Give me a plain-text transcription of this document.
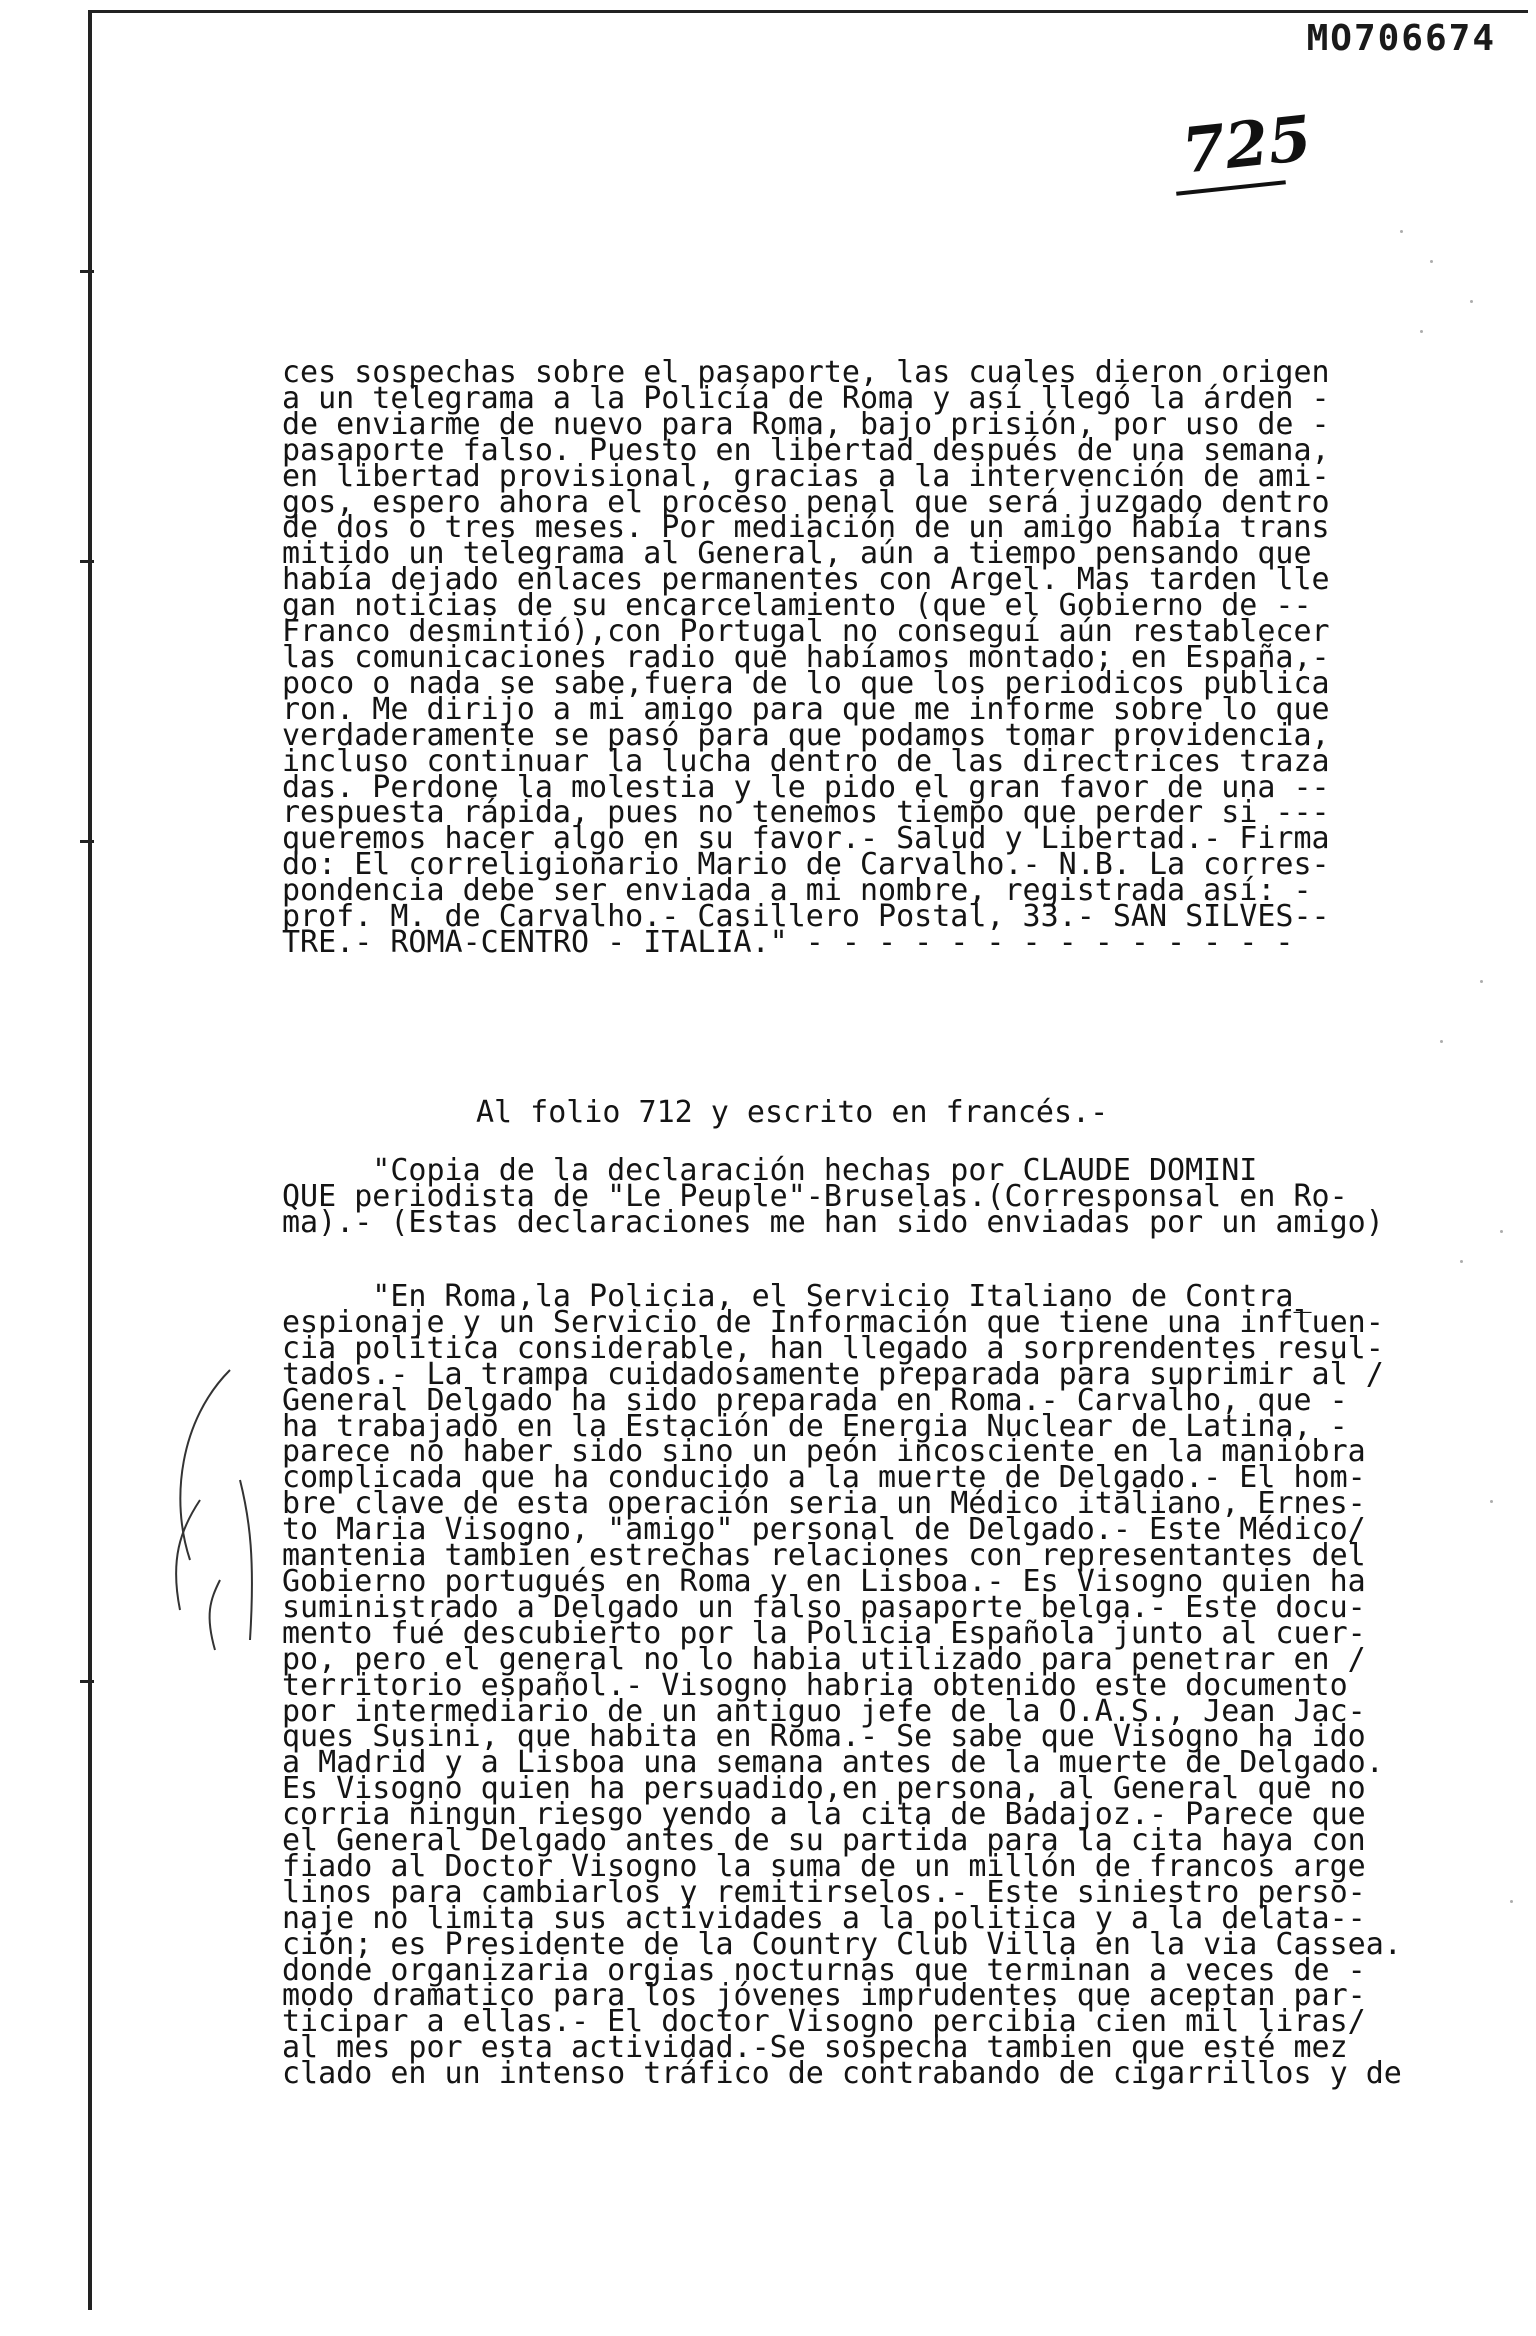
MO706674
725
ces sospechas sobre el pasaporte, las cuales dieron origen
a un telegrama a la Policía de Roma y así llegó la árden -
de enviarme de nuevo para Roma, bajo prisión, por uso de -
pasaporte falso. Puesto en libertad después de una semana,
en libertad provisional, gracias a la intervención de ami-
gos, espero ahora el proceso penal que será juzgado dentro
de dos o tres meses. Por mediación de un amigo había trans
mitido un telegrama al General, aún a tiempo pensando que
había dejado enlaces permanentes con Argel. Mas tarden lle
gan noticias de su encarcelamiento (que el Gobierno de --
Franco desmintió),con Portugal no conseguí aún restablecer
las comunicaciones radio que habíamos montado; en España,-
poco o nada se sabe,fuera de lo que los periodicos publica
ron. Me dirijo a mi amigo para que me informe sobre lo que
verdaderamente se pasó para que podamos tomar providencia,
incluso continuar la lucha dentro de las directrices traza
das. Perdone la molestia y le pido el gran favor de una --
respuesta rápida, pues no tenemos tiempo que perder si ---
queremos hacer algo en su favor.- Salud y Libertad.- Firma
do: El correligionario Mario de Carvalho.- N.B. La corres-
pondencia debe ser enviada a mi nombre, registrada así: -
prof. M. de Carvalho.- Casillero Postal, 33.- SAN SILVES--
TRE.- ROMA-CENTRO - ITALIA." - - - - - - - - - - - - - -
Al folio 712 y escrito en francés.-
"Copia de la declaración hechas por CLAUDE DOMINI
QUE periodista de "Le Peuple"-Bruselas.(Corresponsal en Ro-
ma).- (Estas declaraciones me han sido enviadas por un amigo)
"En Roma,la Policia, el Servicio Italiano de Contra_
espionaje y un Servicio de Información que tiene una influen-
cia politica considerable, han llegado a sorprendentes resul-
tados.- La trampa cuidadosamente preparada para suprimir al /
General Delgado ha sido preparada en Roma.- Carvalho, que -
ha trabajado en la Estación de Energia Nuclear de Latina, -
parece no haber sido sino un peón incosciente en la maniobra
complicada que ha conducido a la muerte de Delgado.- El hom-
bre clave de esta operación seria un Médico italiano, Ernes-
to Maria Visogno, "amigo" personal de Delgado.- Este Médico/
mantenia tambien estrechas relaciones con representantes del
Gobierno portugués en Roma y en Lisboa.- Es Visogno quien ha
suministrado a Delgado un falso pasaporte belga.- Este docu-
mento fué descubierto por la Policia Española junto al cuer-
po, pero el general no lo habia utilizado para penetrar en /
territorio español.- Visogno habria obtenido este documento
por intermediario de un antiguo jefe de la O.A.S., Jean Jac-
ques Susini, que habita en Roma.- Se sabe que Visogno ha ido
a Madrid y a Lisboa una semana antes de la muerte de Delgado.
Es Visogno quien ha persuadido,en persona, al General que no
corria ningun riesgo yendo a la cita de Badajoz.- Parece que
el General Delgado antes de su partida para la cita haya con
fiado al Doctor Visogno la suma de un millón de francos arge
linos para cambiarlos y remitirselos.- Este siniestro perso-
naje no limita sus actividades a la politica y a la delata--
ción; es Presidente de la Country Club Villa en la via Cassea.
donde organizaria orgias nocturnas que terminan a veces de -
modo dramatico para los jóvenes imprudentes que aceptan par-
ticipar a ellas.- El doctor Visogno percibia cien mil liras/
al mes por esta actividad.-Se sospecha tambien que esté mez
clado en un intenso tráfico de contrabando de cigarrillos y de
